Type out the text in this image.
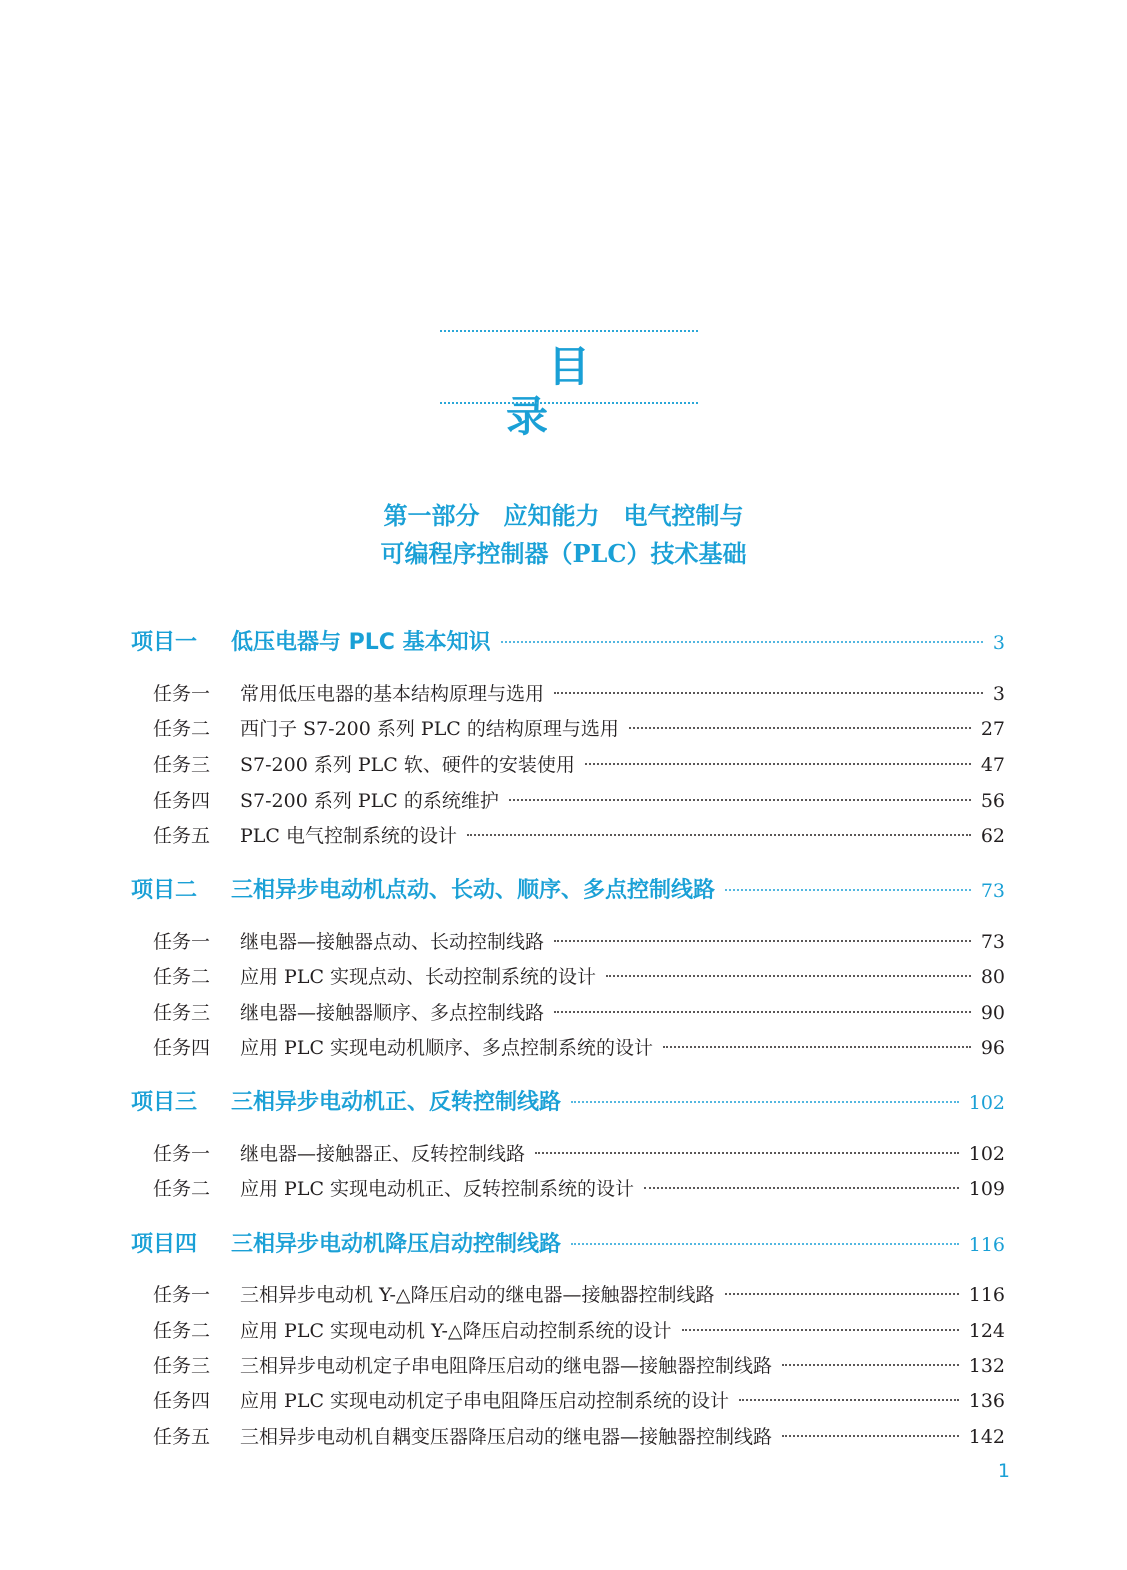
目录
第一部分　应知能力　电气控制与
可编程序控制器（PLC）技术基础
项目一	低压电器与 PLC 基本知识	3
任务一	常用低压电器的基本结构原理与选用	3
任务二	西门子 S7-200 系列 PLC 的结构原理与选用	27
任务三	S7-200 系列 PLC 软、硬件的安装使用	47
任务四	S7-200 系列 PLC 的系统维护	56
任务五	PLC 电气控制系统的设计	62
项目二	三相异步电动机点动、长动、顺序、多点控制线路	73
任务一	继电器—接触器点动、长动控制线路	73
任务二	应用 PLC 实现点动、长动控制系统的设计	80
任务三	继电器—接触器顺序、多点控制线路	90
任务四	应用 PLC 实现电动机顺序、多点控制系统的设计	96
项目三	三相异步电动机正、反转控制线路	102
任务一	继电器—接触器正、反转控制线路	102
任务二	应用 PLC 实现电动机正、反转控制系统的设计	109
项目四	三相异步电动机降压启动控制线路	116
任务一	三相异步电动机 Y-△降压启动的继电器—接触器控制线路	116
任务二	应用 PLC 实现电动机 Y-△降压启动控制系统的设计	124
任务三	三相异步电动机定子串电阻降压启动的继电器—接触器控制线路	132
任务四	应用 PLC 实现电动机定子串电阻降压启动控制系统的设计	136
任务五	三相异步电动机自耦变压器降压启动的继电器—接触器控制线路	142
1
